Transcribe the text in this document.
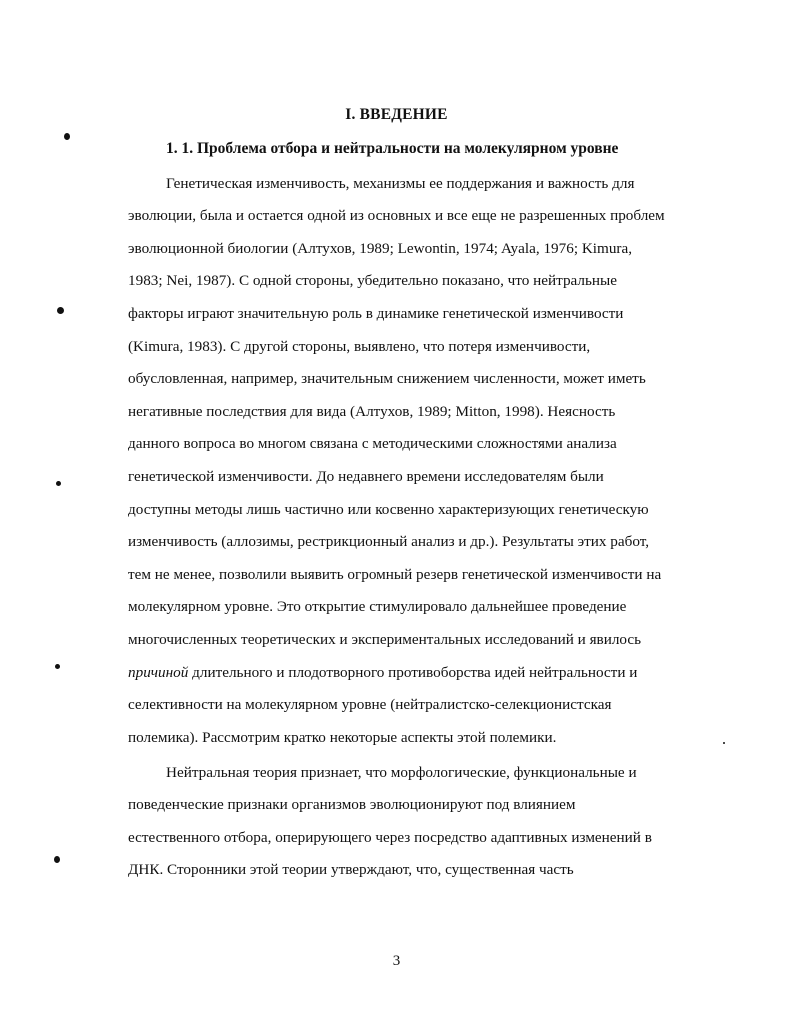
I. ВВЕДЕНИЕ
1. 1. Проблема отбора и нейтральности на молекулярном уровне
Генетическая изменчивость, механизмы ее поддержания и важность для
эволюции, была и остается одной из основных и все еще не разрешенных проблем
эволюционной биологии (Алтухов, 1989; Lewontin, 1974; Ayala, 1976; Kimura,
1983; Nei, 1987). С одной стороны, убедительно показано, что нейтральные
факторы играют значительную роль в динамике генетической изменчивости
(Kimura, 1983). С другой стороны, выявлено, что потеря изменчивости,
обусловленная, например, значительным снижением численности, может иметь
негативные последствия для вида (Алтухов, 1989; Mitton, 1998). Неясность
данного вопроса во многом связана с методическими сложностями анализа
генетической изменчивости. До недавнего времени исследователям были
доступны методы лишь частично или косвенно характеризующих генетическую
изменчивость (аллозимы, рестрикционный анализ и др.). Результаты этих работ,
тем не менее, позволили выявить огромный резерв генетической изменчивости на
молекулярном уровне. Это открытие стимулировало дальнейшее проведение
многочисленных теоретических и экспериментальных исследований и явилось
причиной длительного и плодотворного противоборства идей нейтральности и
селективности на молекулярном уровне (нейтралистско-селекционистская
полемика). Рассмотрим кратко некоторые аспекты этой полемики.
Нейтральная теория признает, что морфологические, функциональные и
поведенческие признаки организмов эволюционируют под влиянием
естественного отбора, оперирующего через посредство адаптивных изменений в
ДНК. Сторонники этой теории утверждают, что, существенная часть
3
